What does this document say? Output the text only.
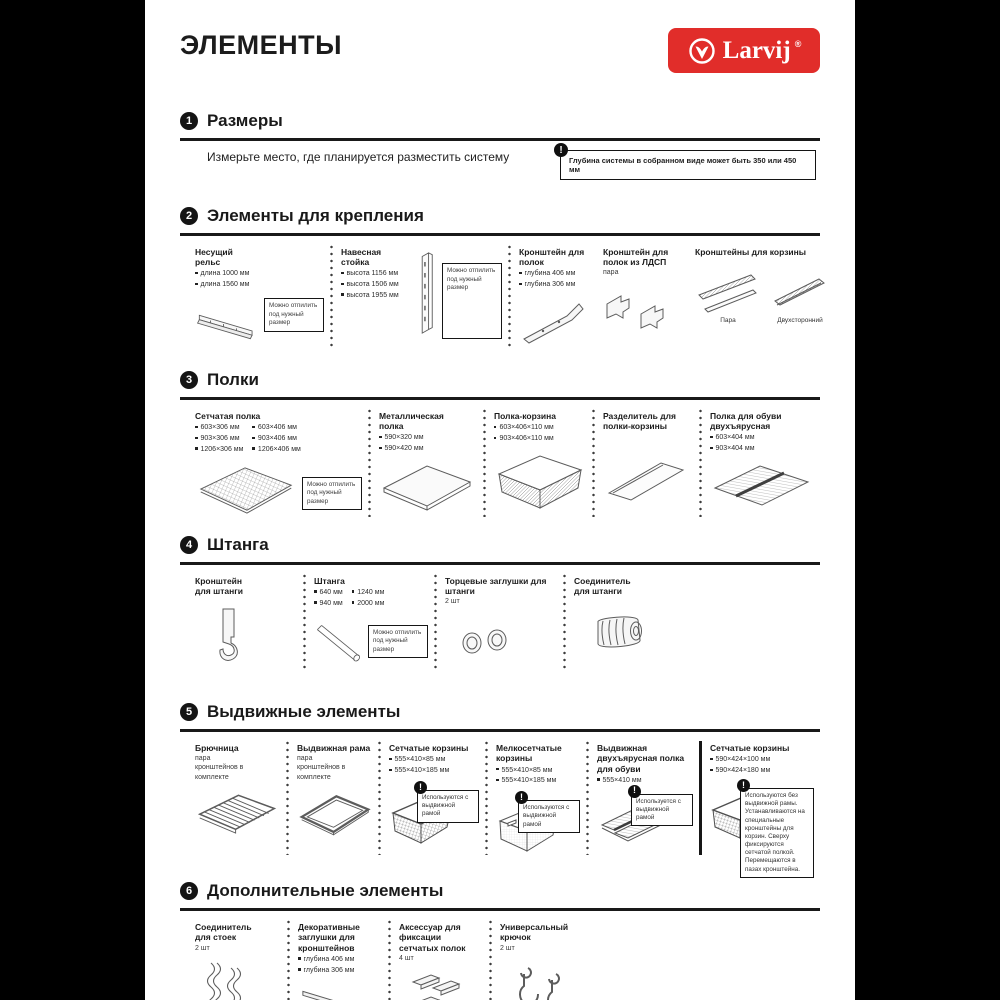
ЭЛЕМЕНТЫ	Larvij ®
1 Размеры
Измерьте место, где планируется разместить систему	!
Глубина системы в собранном виде может быть 350 или 450 мм
2 Элементы для крепления
Несущий рельс
длина 1000 мм
длина 1560 мм
Можно отпилить под нужный размер
Навесная стойка
высота 1156 мм
высота 1506 мм
высота 1955 мм
Можно отпилить под нужный размер
Кронштейн для полок
глубина 406 мм
глубина 306 мм
Кронштейн для полок из ЛДСП
пара
Кронштейны для корзины
Пара	Двухсторонний
3 Полки
Сетчатая полка
603×306 мм
903×306 мм
1206×306 мм
603×406 мм
903×406 мм
1206×406 мм
Можно отпилить под нужный размер
Металлическая полка
590×320 мм
590×420 мм
Полка-корзина
603×406×110 мм
903×406×110 мм
Разделитель для полки-корзины
Полка для обуви двухъярусная
603×404 мм
903×404 мм
4 Штанга
Кронштейн для штанги
Штанга
640 мм
940 мм
1240 мм
2000 мм
Можно отпилить под нужный размер
Торцевые заглушки для штанги
2 шт
Соединитель для штанги
5 Выдвижные элементы
Брючница
пара кронштейнов в комплекте
Выдвижная рама
пара кронштейнов в комплекте
Сетчатые корзины
555×410×85 мм
555×410×185 мм
!
Используются с выдвижной рамой
Мелкосетчатые корзины
555×410×85 мм
555×410×185 мм
!
Используются с выдвижной рамой
Выдвижная двухъярусная полка для обуви
555×410 мм
!
Используется с выдвижной рамой
Сетчатые корзины
590×424×100 мм
590×424×180 мм
!
Используются без выдвижной рамы. Устанавливаются на специальные кронштейны для корзин. Сверху фиксируются сетчатой полкой. Перемещаются в пазах кронштейна.
6 Дополнительные элементы
Соединитель для стоек
2 шт
Декоративные заглушки для кронштейнов
глубина 406 мм
глубина 306 мм
Аксессуар для фиксации сетчатых полок
4 шт
Универсальный крючок
2 шт
